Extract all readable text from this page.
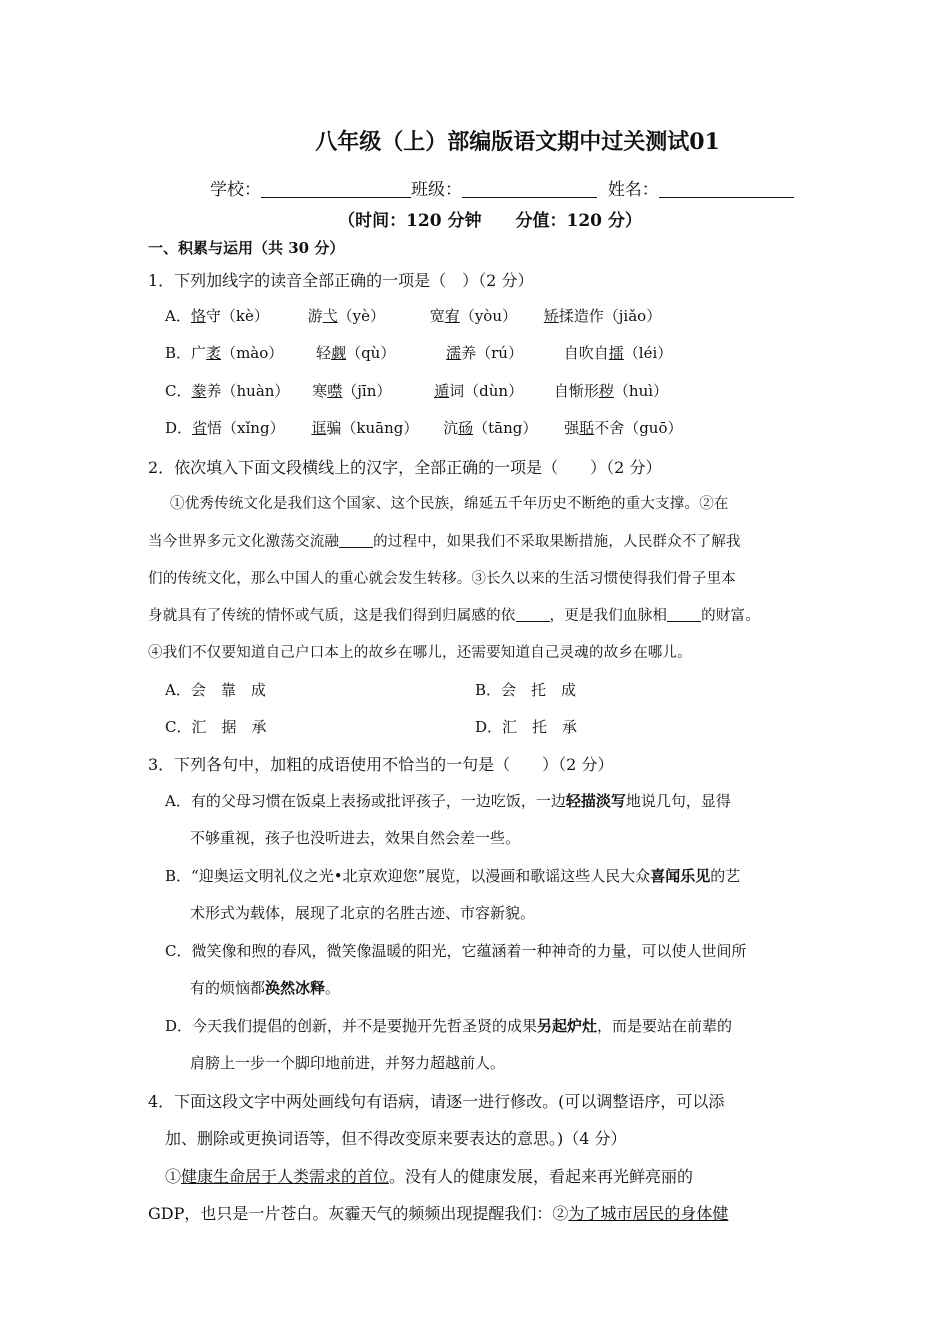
八年级（上）部编版语文期中过关测试01
学校：	班级：	姓名：
（时间：120 分钟　　分值：120 分）
一、积累与运用（共 30 分）
1．下列加线字的读音全部正确的一项是（　）（2 分）
A．恪守（kè）	游弋（yè）	宽宥（yòu） 矫揉造作（jiǎo）
B．广袤（mào） 轻觑（qù）	濡养（rú）	自吹自擂（léi）
C．豢养（huàn） 寒噤（jīn）	遁词（dùn） 自惭形秽（huì）
D．省悟（xǐng） 诓骗（kuāng） 沆砀（tāng） 强聒不舍（guō）
2．依次填入下面文段横线上的汉字，全部正确的一项是（　　）（2 分）
①优秀传统文化是我们这个国家、这个民族，绵延五千年历史不断绝的重大支撑。②在
当今世界多元文化激荡交流融 的过程中，如果我们不采取果断措施，人民群众不了解我
们的传统文化，那么中国人的重心就会发生转移。③长久以来的生活习惯使得我们骨子里本
身就具有了传统的情怀或气质，这是我们得到归属感的依 ，更是我们血脉相 的财富。
④我们不仅要知道自己户口本上的故乡在哪儿，还需要知道自己灵魂的故乡在哪儿。
A．会　靠　成	B．会　托　成
C．汇　据　承	D．汇　托　承
3．下列各句中，加粗的成语使用不恰当的一句是（　　）（2 分）
A．有的父母习惯在饭桌上表扬或批评孩子，一边吃饭，一边轻描淡写地说几句，显得
不够重视，孩子也没听进去，效果自然会差一些。
B．“迎奥运文明礼仪之光•北京欢迎您”展览，以漫画和歌谣这些人民大众喜闻乐见的艺
术形式为载体，展现了北京的名胜古迹、市容新貌。
C．微笑像和煦的春风，微笑像温暖的阳光，它蕴涵着一种神奇的力量，可以使人世间所
有的烦恼都涣然冰释。
D．今天我们提倡的创新，并不是要抛开先哲圣贤的成果另起炉灶，而是要站在前辈的
肩膀上一步一个脚印地前进，并努力超越前人。
4．下面这段文字中两处画线句有语病，请逐一进行修改。(可以调整语序，可以添
加、删除或更换词语等，但不得改变原来要表达的意思。)（4 分）
①健康生命居于人类需求的首位。没有人的健康发展，看起来再光鲜亮丽的
GDP，也只是一片苍白。灰霾天气的频频出现提醒我们：②为了城市居民的身体健
